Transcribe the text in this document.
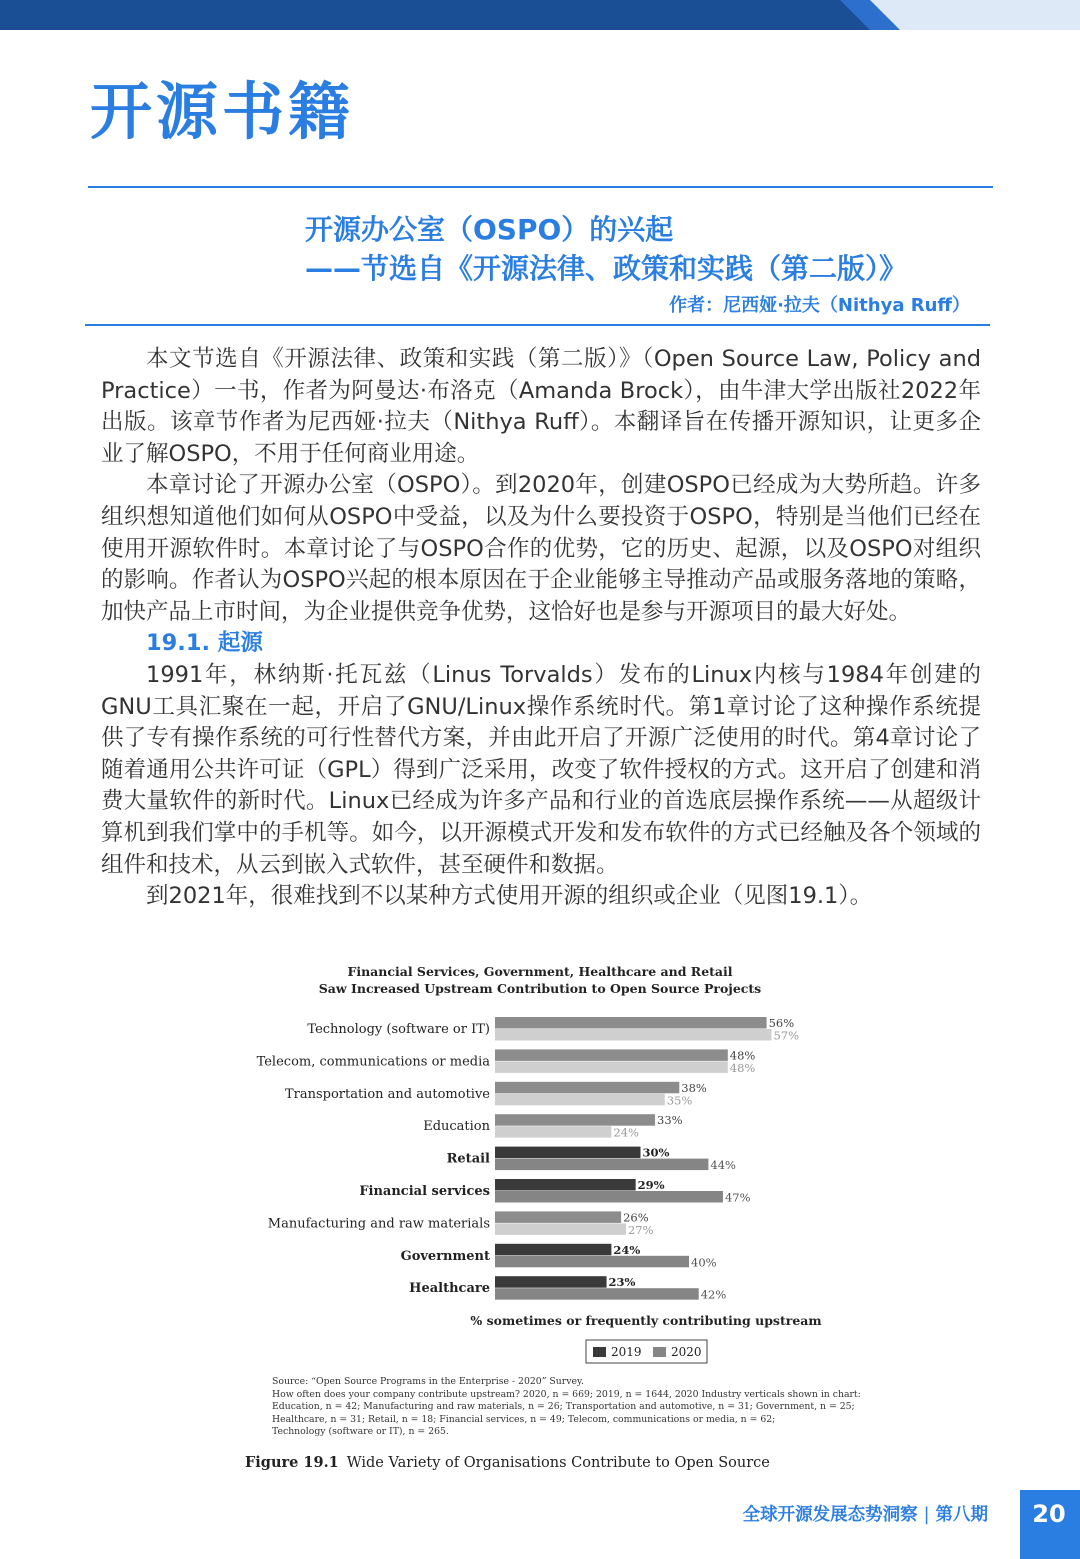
开源书籍
开源办公室（OSPO）的兴起
——节选自《开源法律、政策和实践（第二版）》
作者：尼西娅·拉夫（Nithya Ruff）

本文节选自《开源法律、政策和实践（第二版）》（Open Source Law, Policy and Practice）一书，作者为阿曼达·布洛克（Amanda Brock），由牛津大学出版社2022年出版。该章节作者为尼西娅·拉夫（Nithya Ruff）。本翻译旨在传播开源知识，让更多企业了解OSPO，不用于任何商业用途。

本章讨论了开源办公室（OSPO）。到2020年，创建OSPO已经成为大势所趋。许多组织想知道他们如何从OSPO中受益，以及为什么要投资于OSPO，特别是当他们已经在使用开源软件时。本章讨论了与OSPO合作的优势，它的历史、起源，以及OSPO对组织的影响。作者认为OSPO兴起的根本原因在于企业能够主导推动产品或服务落地的策略，加快产品上市时间，为企业提供竞争优势，这恰好也是参与开源项目的最大好处。

19.1. 起源

1991年，林纳斯·托瓦兹（Linus Torvalds）发布的Linux内核与1984年创建的GNU工具汇聚在一起，开启了GNU/Linux操作系统时代。第1章讨论了这种操作系统提供了专有操作系统的可行性替代方案，并由此开启了开源广泛使用的时代。第4章讨论了随着通用公共许可证（GPL）得到广泛采用，改变了软件授权的方式。这开启了创建和消费大量软件的新时代。Linux已经成为许多产品和行业的首选底层操作系统——从超级计算机到我们掌中的手机等。如今，以开源模式开发和发布软件的方式已经触及各个领域的组件和技术，从云到嵌入式软件，甚至硬件和数据。

到2021年，很难找到不以某种方式使用开源的组织或企业（见图19.1）。

Financial Services, Government, Healthcare and Retail
Saw Increased Upstream Contribution to Open Source Projects
Technology (software or IT)	56%
57%
Telecom, communications or media	48%
48%
Transportation and automotive	38%
35%
Education	33%
24%
Retail	30%
44%
Financial services	29%
47%
Manufacturing and raw materials	26%
27%
Government	24%
40%
Healthcare	23%
42%
% sometimes or frequently contributing upstream
2019 2020
Source: “Open Source Programs in the Enterprise - 2020” Survey.
How often does your company contribute upstream? 2020, n = 669; 2019, n = 1644, 2020 Industry verticals shown in chart:
Education, n = 42; Manufacturing and raw materials, n = 26; Transportation and automotive, n = 31; Government, n = 25;
Healthcare, n = 31; Retail, n = 18; Financial services, n = 49; Telecom, communications or media, n = 62;
Technology (software or IT), n = 265.
Figure 19.1 Wide Variety of Organisations Contribute to Open Source
全球开源发展态势洞察 | 第八期	20
